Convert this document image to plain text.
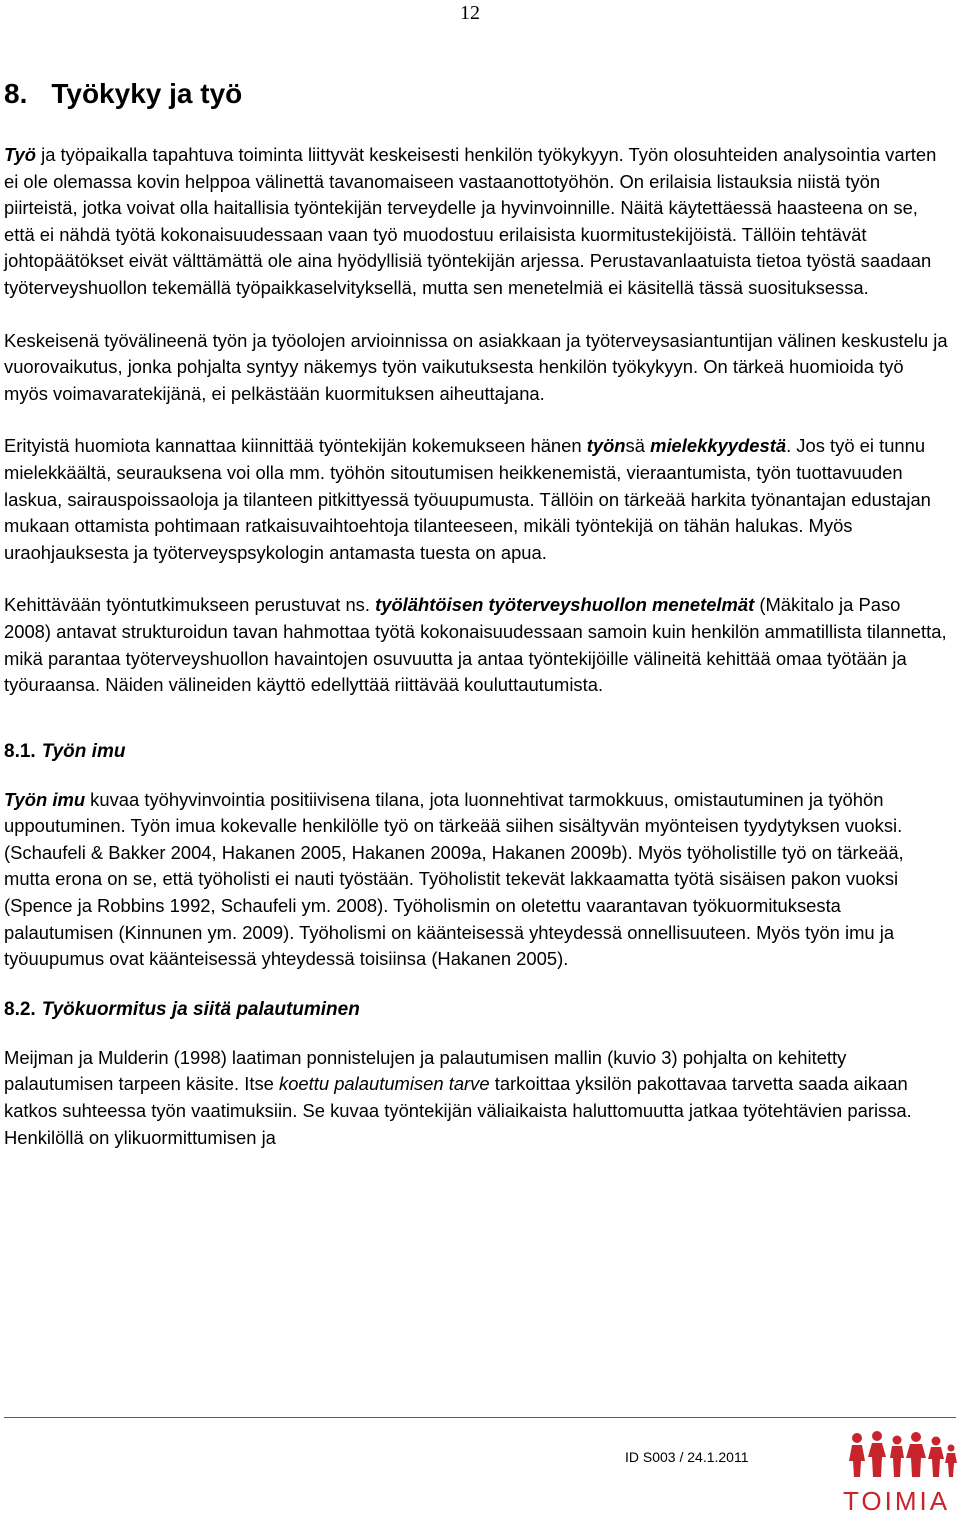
12
8. Työkyky ja työ

Työ ja työpaikalla tapahtuva toiminta liittyvät keskeisesti henkilön työkykyyn. Työn olosuhteiden analysointia varten ei ole olemassa kovin helppoa välinettä tavanomaiseen vastaanottotyöhön. On erilaisia listauksia niistä työn piirteistä, jotka voivat olla haitallisia työntekijän terveydelle ja hyvinvoinnille. Näitä käytettäessä haasteena on se, että ei nähdä työtä kokonaisuudessaan vaan työ muodostuu erilaisista kuormitustekijöistä. Tällöin tehtävät johtopäätökset eivät välttämättä ole aina hyödyllisiä työntekijän arjessa. Perustavanlaatuista tietoa työstä saadaan työterveyshuollon tekemällä työpaikkaselvityksellä, mutta sen menetelmiä ei käsitellä tässä suosituksessa.

Keskeisenä työvälineenä työn ja työolojen arvioinnissa on asiakkaan ja työterveysasiantuntijan välinen keskustelu ja vuorovaikutus, jonka pohjalta syntyy näkemys työn vaikutuksesta henkilön työkykyyn. On tärkeä huomioida työ myös voimavaratekijänä, ei pelkästään kuormituksen aiheuttajana.

Erityistä huomiota kannattaa kiinnittää työntekijän kokemukseen hänen työnsä mielekkyydestä. Jos työ ei tunnu mielekkäältä, seurauksena voi olla mm. työhön sitoutumisen heikkenemistä, vieraantumista, työn tuottavuuden laskua, sairauspoissaoloja ja tilanteen pitkittyessä työuupumusta. Tällöin on tärkeää harkita työnantajan edustajan mukaan ottamista pohtimaan ratkaisuvaihtoehtoja tilanteeseen, mikäli työntekijä on tähän halukas. Myös uraohjauksesta ja työterveyspsykologin antamasta tuesta on apua.

Kehittävään työntutkimukseen perustuvat ns. työlähtöisen työterveyshuollon menetelmät (Mäkitalo ja Paso 2008) antavat strukturoidun tavan hahmottaa työtä kokonaisuudessaan samoin kuin henkilön ammatillista tilannetta, mikä parantaa työterveyshuollon havaintojen osuvuutta ja antaa työntekijöille välineitä kehittää omaa työtään ja työuraansa. Näiden välineiden käyttö edellyttää riittävää kouluttautumista.

8.1. Työn imu

Työn imu kuvaa työhyvinvointia positiivisena tilana, jota luonnehtivat tarmokkuus, omistautuminen ja työhön uppoutuminen. Työn imua kokevalle henkilölle työ on tärkeää siihen sisältyvän myönteisen tyydytyksen vuoksi. (Schaufeli & Bakker 2004, Hakanen 2005, Hakanen 2009a, Hakanen 2009b). Myös työholistille työ on tärkeää, mutta erona on se, että työholisti ei nauti työstään. Työholistit tekevät lakkaamatta työtä sisäisen pakon vuoksi (Spence ja Robbins 1992, Schaufeli ym. 2008). Työholismin on oletettu vaarantavan työkuormituksesta palautumisen (Kinnunen ym. 2009). Työholismi on käänteisessä yhteydessä onnellisuuteen. Myös työn imu ja työuupumus ovat käänteisessä yhteydessä toisiinsa (Hakanen 2005).

8.2. Työkuormitus ja siitä palautuminen

Meijman ja Mulderin (1998) laatiman ponnistelujen ja palautumisen mallin (kuvio 3) pohjalta on kehitetty palautumisen tarpeen käsite. Itse koettu palautumisen tarve tarkoittaa yksilön pakottavaa tarvetta saada aikaan katkos suhteessa työn vaatimuksiin. Se kuvaa työntekijän väliaikaista haluttomuutta jatkaa työtehtävien parissa. Henkilöllä on ylikuormittumisen ja

ID S003 / 24.1.2011
TOIMIA
